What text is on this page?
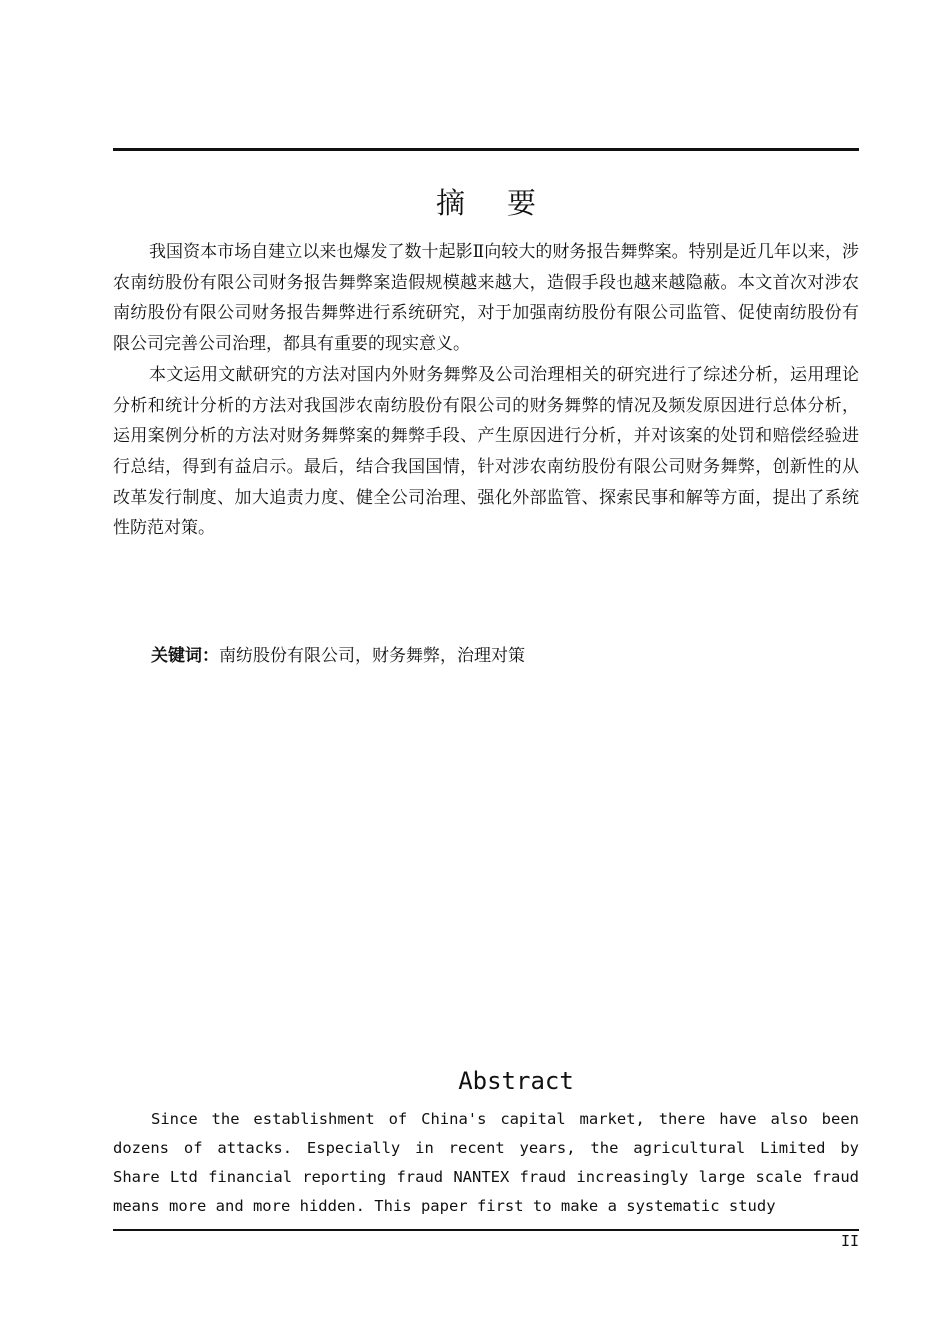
摘要

我国资本市场自建立以来也爆发了数十起影Ⅱ向较大的财务报告舞弊案。特别是近几年以来，涉农南纺股份有限公司财务报告舞弊案造假规模越来越大，造假手段也越来越隐蔽。本文首次对涉农南纺股份有限公司财务报告舞弊进行系统研究，对于加强南纺股份有限公司监管、促使南纺股份有限公司完善公司治理，都具有重要的现实意义。

本文运用文献研究的方法对国内外财务舞弊及公司治理相关的研究进行了综述分析，运用理论分析和统计分析的方法对我国涉农南纺股份有限公司的财务舞弊的情况及频发原因进行总体分析，运用案例分析的方法对财务舞弊案的舞弊手段、产生原因进行分析，并对该案的处罚和赔偿经验进行总结，得到有益启示。最后，结合我国国情，针对涉农南纺股份有限公司财务舞弊，创新性的从改革发行制度、加大追责力度、健全公司治理、强化外部监管、探索民事和解等方面，提出了系统性防范对策。

关键词：南纺股份有限公司，财务舞弊，治理对策
Abstract

Since the establishment of China's capital market, there have also been dozens of attacks. Especially in recent years, the agricultural Limited by Share Ltd financial reporting fraud NANTEX fraud increasingly large scale fraud means more and more hidden. This paper first to make a systematic study

II
